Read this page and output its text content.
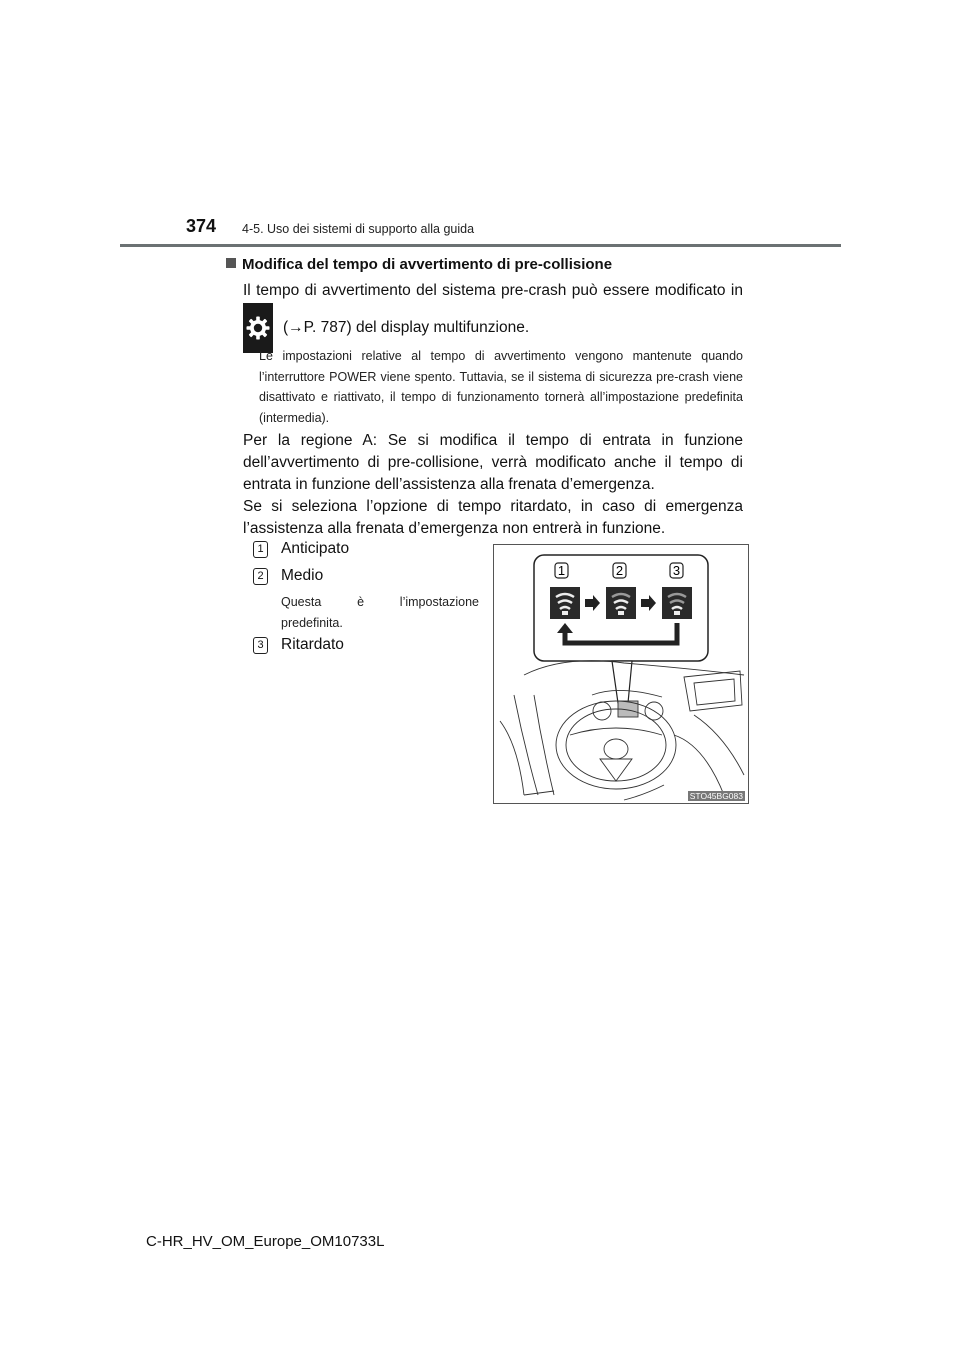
374 4-5. Uso dei sistemi di supporto alla guida
Modifica del tempo di avvertimento di pre-collisione
Il tempo di avvertimento del sistema pre-crash può essere modificato in
(→P. 787) del display multifunzione.
Le impostazioni relative al tempo di avvertimento vengono mantenute quando l’interruttore POWER viene spento. Tuttavia, se il sistema di sicurezza pre-crash viene disattivato e riattivato, il tempo di funzionamento tornerà all’impostazione predefinita (intermedia).
Per la regione A: Se si modifica il tempo di entrata in funzione dell’avvertimento di pre-collisione, verrà modificato anche il tempo di entrata in funzione dell’assistenza alla frenata d’emergenza.
Se si seleziona l’opzione di tempo ritardato, in caso di emergenza l’assistenza alla frenata d’emergenza non entrerà in funzione.
1 Anticipato
2 Medio
Questa è l’impostazione predefinita.
3 Ritardato
1	2	3
STO45BG083
C-HR_HV_OM_Europe_OM10733L
